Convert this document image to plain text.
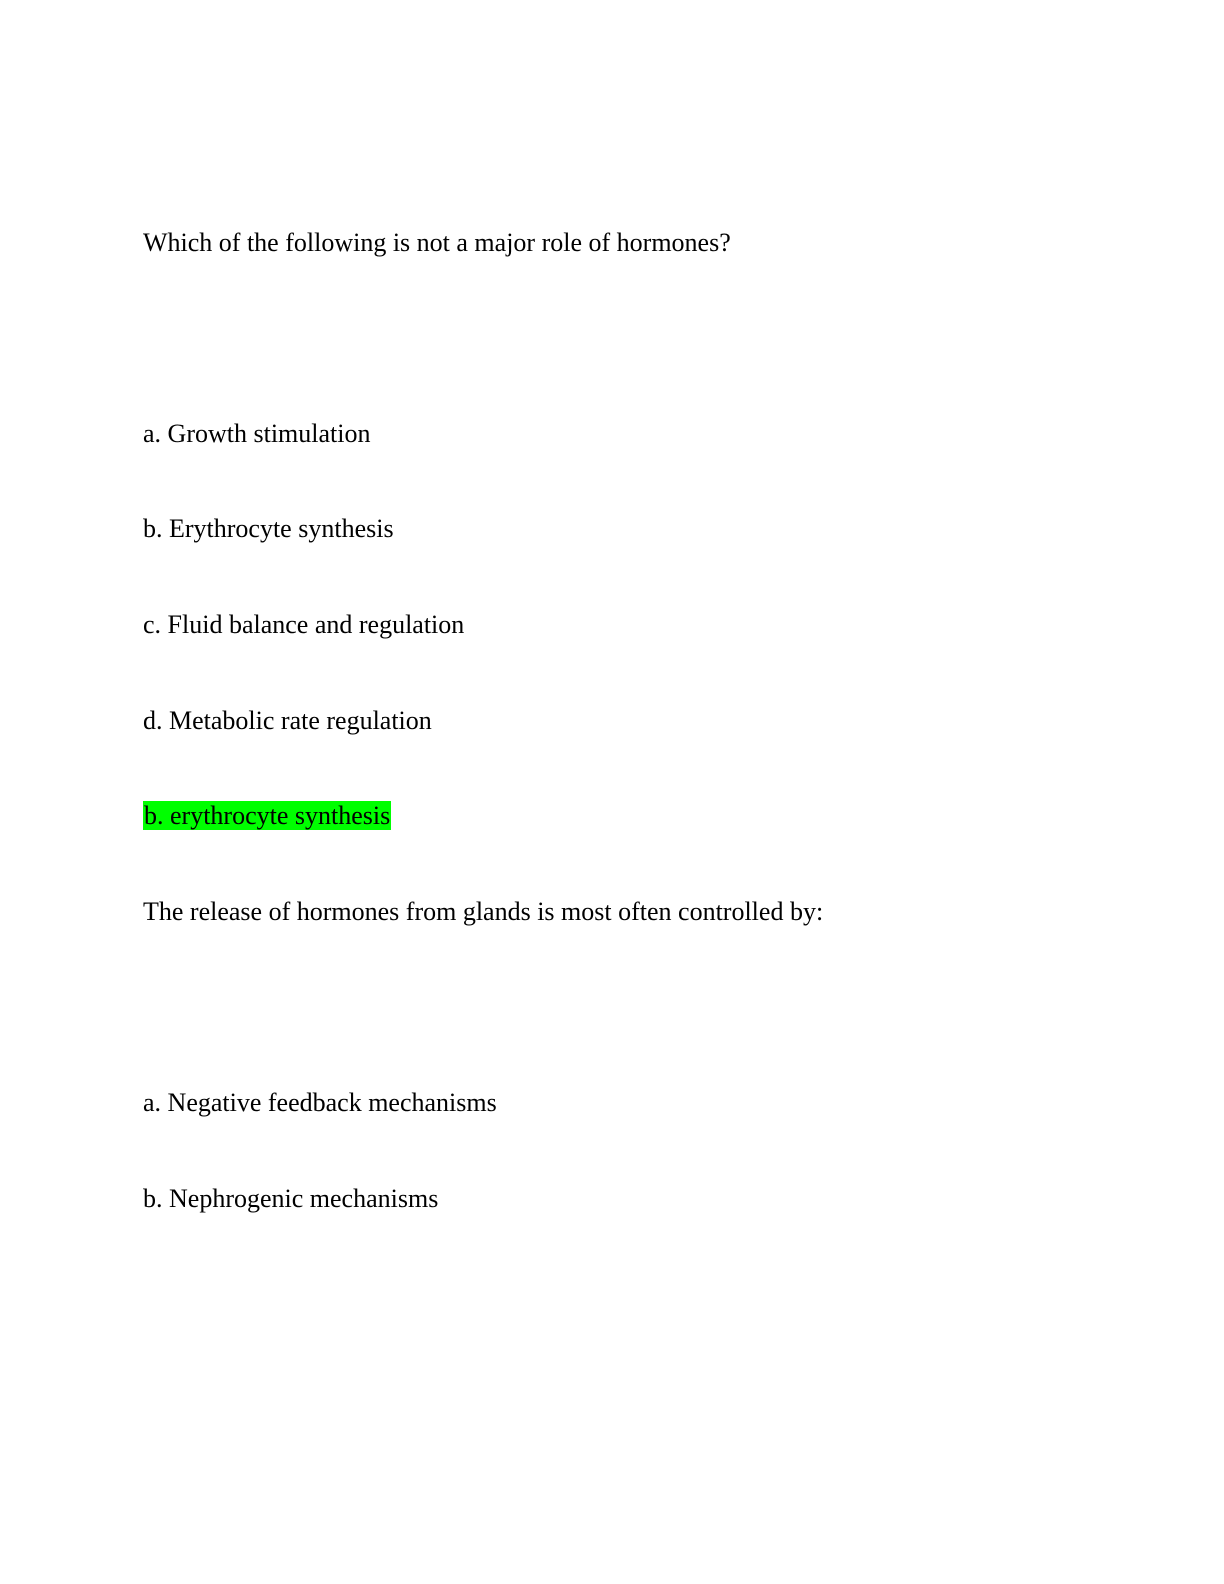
Which of the following is not a major role of hormones?
a. Growth stimulation
b. Erythrocyte synthesis
c. Fluid balance and regulation
d. Metabolic rate regulation
b. erythrocyte synthesis
The release of hormones from glands is most often controlled by:
a. Negative feedback mechanisms
b. Nephrogenic mechanisms
